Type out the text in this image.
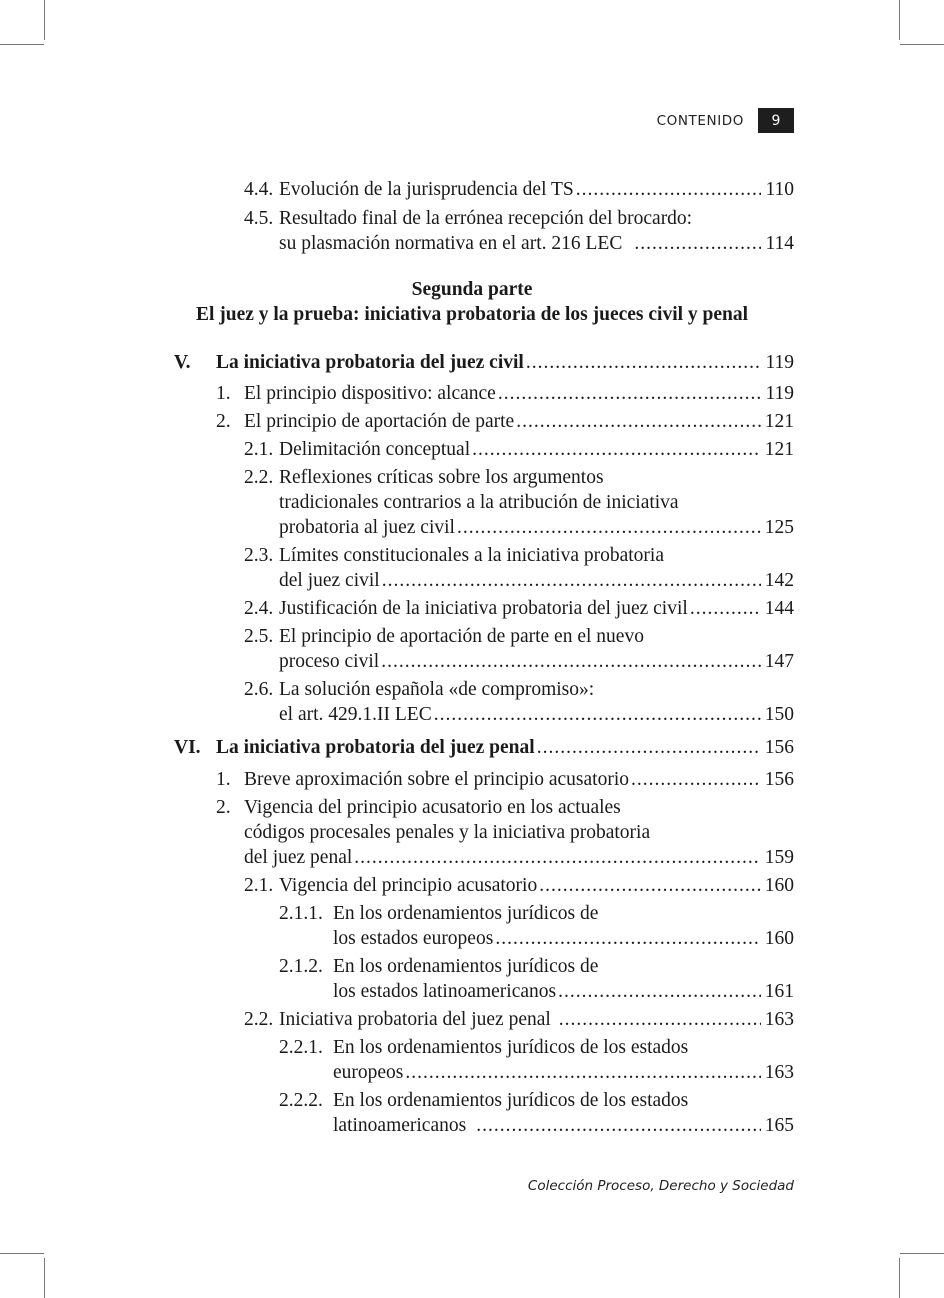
CONTENIDO	9
4.4. Evolución de la jurisprudencia del TS .....	110
4.5. Resultado final de la errónea recepción del brocardo:
su plasmación normativa en el art. 216 LEC .....	114
Segunda parte
El juez y la prueba: iniciativa probatoria de los jueces civil y penal
V. La iniciativa probatoria del juez civil .....	119
1. El principio dispositivo: alcance .....	119
2. El principio de aportación de parte .....	121
2.1. Delimitación conceptual .....	121
2.2. Reflexiones críticas sobre los argumentos
tradicionales contrarios a la atribución de iniciativa
probatoria al juez civil .....	125
2.3. Límites constitucionales a la iniciativa probatoria
del juez civil .....	142
2.4. Justificación de la iniciativa probatoria del juez civil .....	144
2.5. El principio de aportación de parte en el nuevo
proceso civil .....	147
2.6. La solución española «de compromiso»:
el art. 429.1.II LEC .....	150
VI. La iniciativa probatoria del juez penal .....	156
1. Breve aproximación sobre el principio acusatorio .....	156
2. Vigencia del principio acusatorio en los actuales
códigos procesales penales y la iniciativa probatoria
del juez penal .....	159
2.1. Vigencia del principio acusatorio .....	160
2.1.1. En los ordenamientos jurídicos de
los estados europeos .....	160
2.1.2. En los ordenamientos jurídicos de
los estados latinoamericanos .....	161
2.2. Iniciativa probatoria del juez penal .....	163
2.2.1. En los ordenamientos jurídicos de los estados
europeos .....	163
2.2.2. En los ordenamientos jurídicos de los estados
latinoamericanos .....	165
Colección Proceso, Derecho y Sociedad
